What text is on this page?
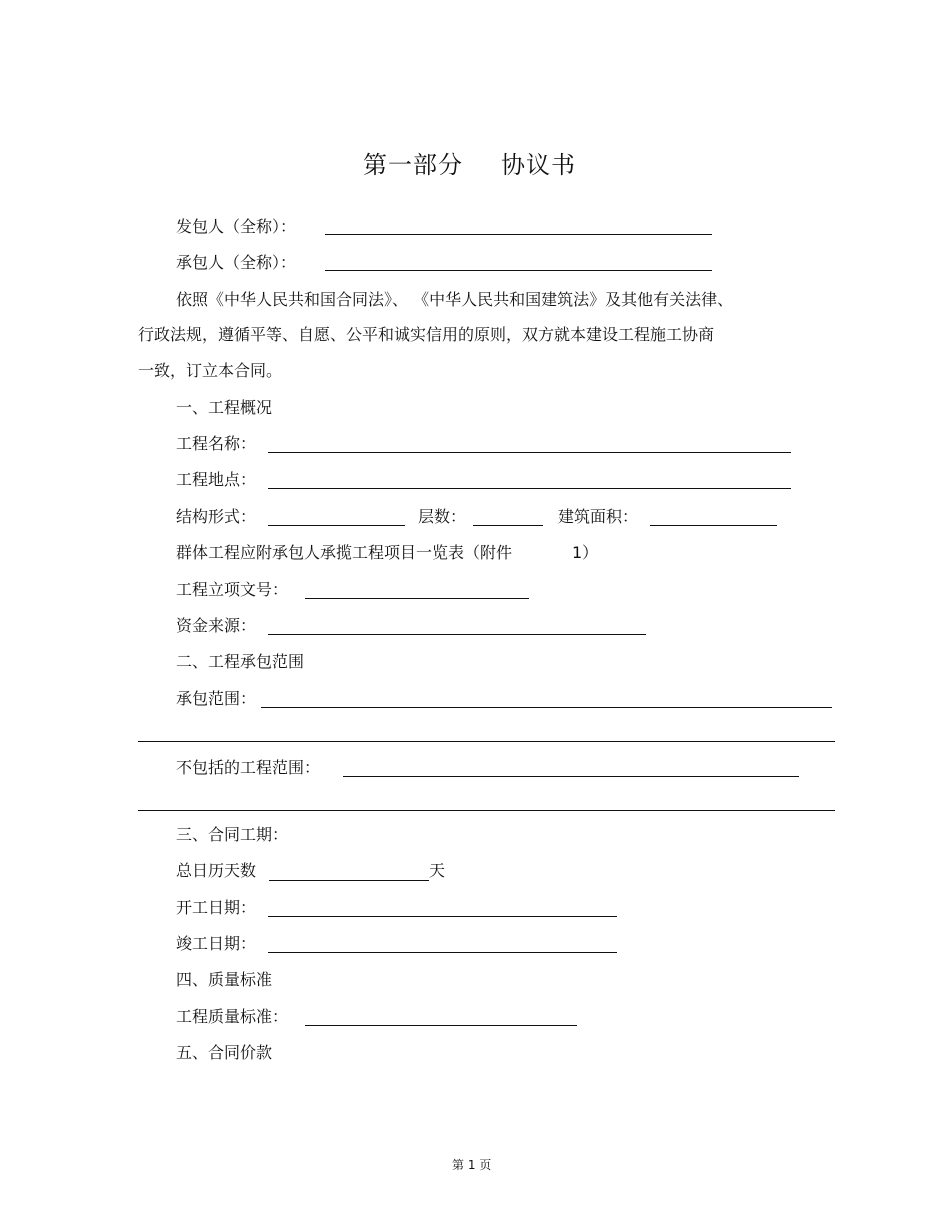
第一部分 协议书
发包人（全称）：
承包人（全称）：
依照《中华人民共和国合同法》、 《中华人民共和国建筑法》及其他有关法律、
行政法规，遵循平等、自愿、公平和诚实信用的原则，双方就本建设工程施工协商
一致，订立本合同。
一、工程概况
工程名称：
工程地点：
结构形式：	层数：	建筑面积：
群体工程应附承包人承揽工程项目一览表（附件	1）
工程立项文号：
资金来源：
二、工程承包范围
承包范围：
不包括的工程范围：
三、合同工期：
总日历天数	天
开工日期：
竣工日期：
四、质量标准
工程质量标准：
五、合同价款
第 1 页
